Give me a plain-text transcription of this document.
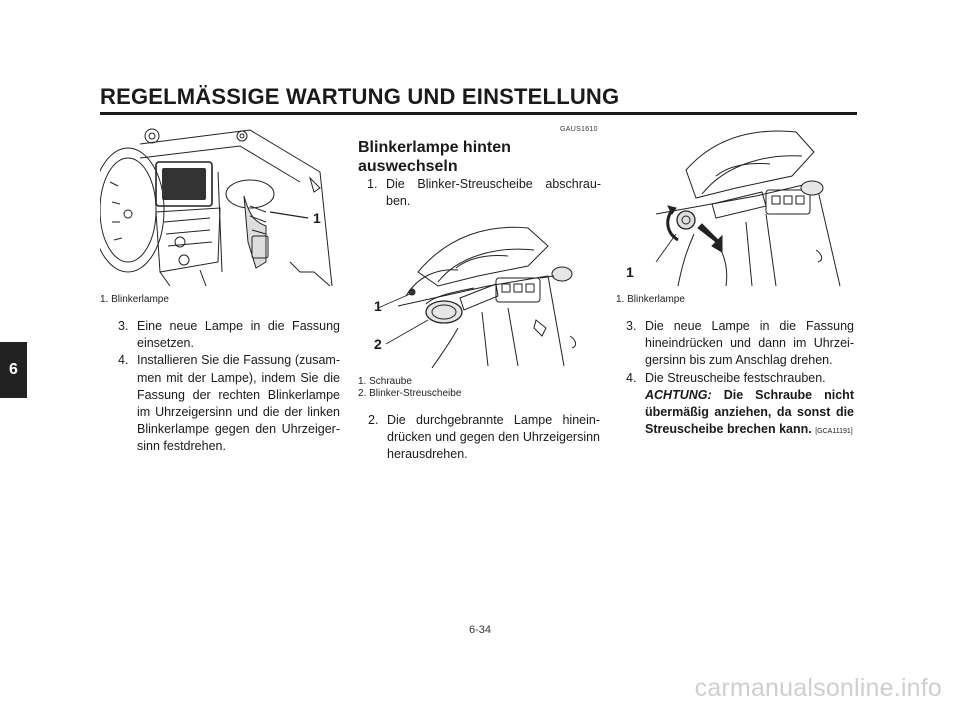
REGELMÄSSIGE WARTUNG UND EINSTELLUNG
6
1
1. Blinkerlampe

3. Eine neue Lampe in die Fassung einsetzen.

4. Installieren Sie die Fassung (zusammen mit der Lampe), indem Sie die Fassung der rechten Blinkerlampe im Uhrzeigersinn und die der linken Blinkerlampe gegen den Uhrzeigersinn festdrehen.

GAUS1610
Blinkerlampe hinten auswechseln

1. Die Blinker-Streuscheibe abschrauben.

1
2
1. Schraube
2. Blinker-Streuscheibe

2. Die durchgebrannte Lampe hineindrücken und gegen den Uhrzeigersinn herausdrehen.

1
1. Blinkerlampe

3. Die neue Lampe in die Fassung hineindrücken und dann im Uhrzeigersinn bis zum Anschlag drehen.

4. Die Streuscheibe festschrauben.
ACHTUNG: Die Schraube nicht übermäßig anziehen, da sonst die Streuscheibe brechen kann. [GCA11191]

6-34
carmanualsonline.info
